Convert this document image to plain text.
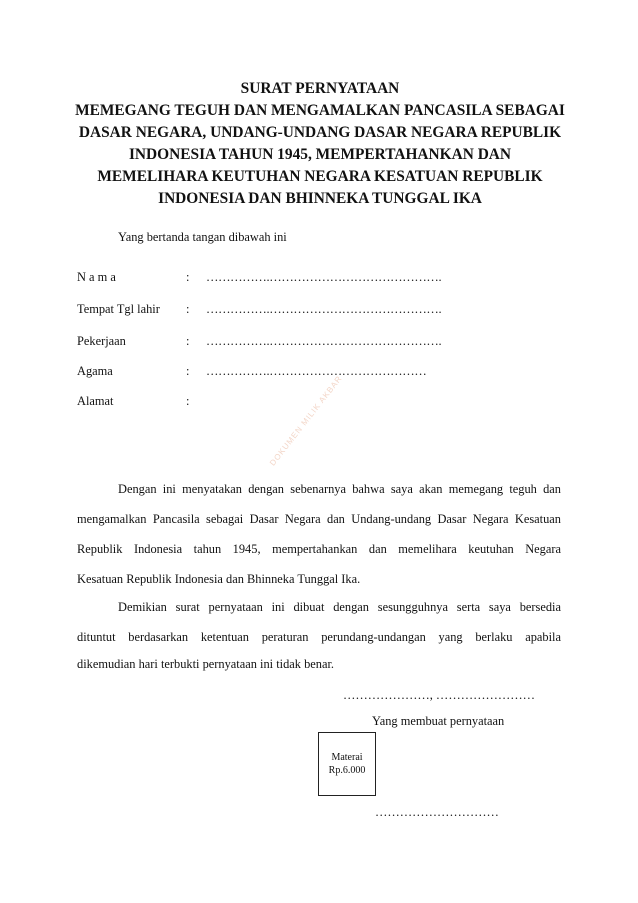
SURAT PERNYATAAN
MEMEGANG TEGUH DAN MENGAMALKAN PANCASILA SEBAGAI
DASAR NEGARA, UNDANG-UNDANG DASAR NEGARA REPUBLIK
INDONESIA TAHUN 1945, MEMPERTAHANKAN DAN
MEMELIHARA KEUTUHAN NEGARA KESATUAN REPUBLIK
INDONESIA DAN BHINNEKA TUNGGAL IKA
Yang bertanda tangan dibawah ini
N a m a	: …………….…………………………………….
Tempat Tgl lahir : …………….…………………………………….
Pekerjaan	: …………….…………………………………….
Agama	: …………….…………………………………
Alamat	:	DOKUMEN MILIK AKBAR
Dengan ini menyatakan dengan sebenarnya bahwa saya akan memegang teguh dan
mengamalkan Pancasila sebagai Dasar Negara dan Undang-undang Dasar Negara Kesatuan
Republik Indonesia tahun 1945, mempertahankan dan memelihara keutuhan Negara
Kesatuan Republik Indonesia dan Bhinneka Tunggal Ika.
Demikian surat pernyataan ini dibuat dengan sesungguhnya serta saya bersedia
dituntut berdasarkan ketentuan peraturan perundang-undangan yang berlaku apabila
dikemudian hari terbukti pernyataan ini tidak benar.
…………………, ……………………
Yang membuat pernyataan
Materai
Rp.6.000
…………………………
